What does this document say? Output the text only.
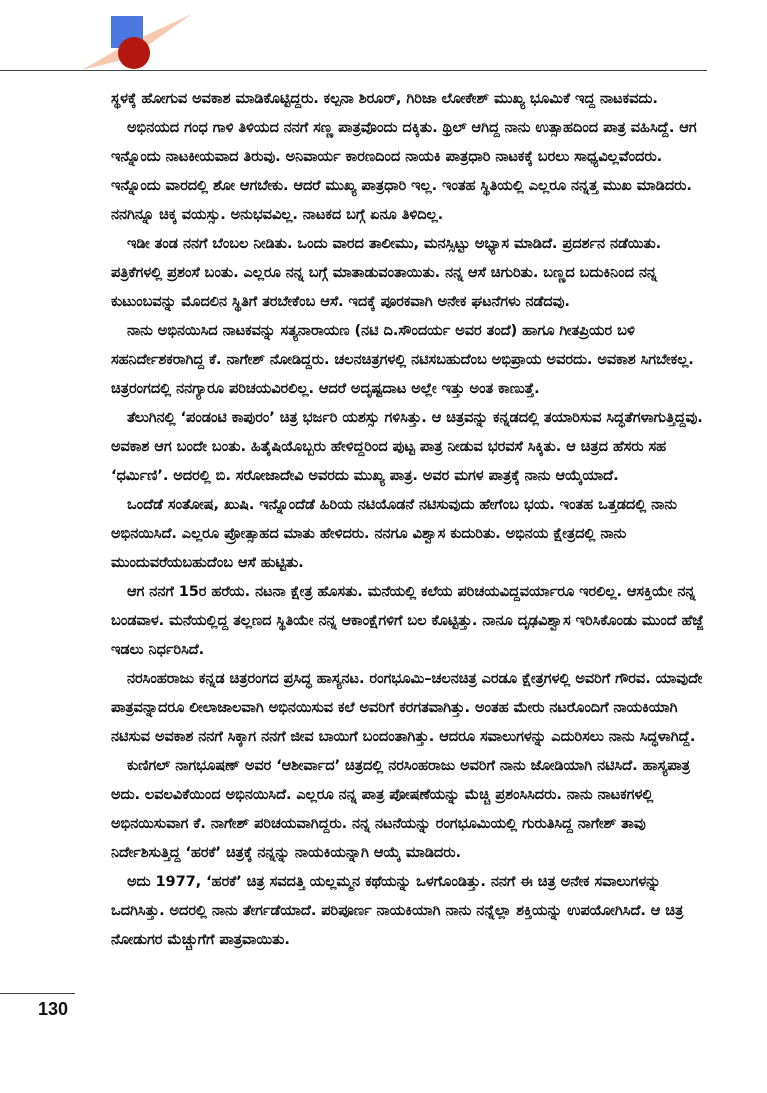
ಸ್ಥಳಕ್ಕೆ ಹೋಗುವ ಅವಕಾಶ ಮಾಡಿಕೊಟ್ಟಿದ್ದರು. ಕಲ್ಪನಾ ಶಿರೂರ್, ಗಿರಿಜಾ ಲೋಕೇಶ್ ಮುಖ್ಯ ಭೂಮಿಕೆ ಇದ್ದ ನಾಟಕವದು.

ಅಭಿನಯದ ಗಂಧ ಗಾಳಿ ತಿಳಿಯದ ನನಗೆ ಸಣ್ಣ ಪಾತ್ರವೊಂದು ದಕ್ಕಿತು. ಥ್ರಿಲ್ ಆಗಿದ್ದ ನಾನು ಉತ್ಸಾಹದಿಂದ ಪಾತ್ರ ವಹಿಸಿದ್ದೆ. ಆಗ ಇನ್ನೊಂದು ನಾಟಕೀಯವಾದ ತಿರುವು. ಅನಿವಾರ್ಯ ಕಾರಣದಿಂದ ನಾಯಕಿ ಪಾತ್ರಧಾರಿ ನಾಟಕಕ್ಕೆ ಬರಲು ಸಾಧ್ಯವಿಲ್ಲವೆಂದರು. ಇನ್ನೊಂದು ವಾರದಲ್ಲಿ ಶೋ ಆಗಬೇಕು. ಆದರೆ ಮುಖ್ಯ ಪಾತ್ರಧಾರಿ ಇಲ್ಲ. ಇಂತಹ ಸ್ಥಿತಿಯಲ್ಲಿ ಎಲ್ಲರೂ ನನ್ನತ್ತ ಮುಖ ಮಾಡಿದರು. ನನಗಿನ್ನೂ ಚಿಕ್ಕ ವಯಸ್ಸು. ಅನುಭವವಿಲ್ಲ. ನಾಟಕದ ಬಗ್ಗೆ ಏನೂ ತಿಳಿದಿಲ್ಲ.

ಇಡೀ ತಂಡ ನನಗೆ ಬೆಂಬಲ ನೀಡಿತು. ಒಂದು ವಾರದ ತಾಲೀಮು, ಮನಸ್ಸಿಟ್ಟು ಅಭ್ಯಾಸ ಮಾಡಿದೆ. ಪ್ರದರ್ಶನ ನಡೆಯಿತು. ಪತ್ರಿಕೆಗಳಲ್ಲಿ ಪ್ರಶಂಸೆ ಬಂತು. ಎಲ್ಲರೂ ನನ್ನ ಬಗ್ಗೆ ಮಾತಾಡುವಂತಾಯಿತು. ನನ್ನ ಆಸೆ ಚಿಗುರಿತು. ಬಣ್ಣದ ಬದುಕಿನಿಂದ ನನ್ನ ಕುಟುಂಬವನ್ನು ಮೊದಲಿನ ಸ್ಥಿತಿಗೆ ತರಬೇಕೆಂಬ ಆಸೆ. ಇದಕ್ಕೆ ಪೂರಕವಾಗಿ ಅನೇಕ ಘಟನೆಗಳು ನಡೆದವು.

ನಾನು ಅಭಿನಯಿಸಿದ ನಾಟಕವನ್ನು ಸತ್ಯನಾರಾಯಣ (ನಟಿ ದಿ.ಸೌಂದರ್ಯ ಅವರ ತಂದೆ) ಹಾಗೂ ಗೀತಪ್ರಿಯರ ಬಳಿ ಸಹನಿರ್ದೇಶಕರಾಗಿದ್ದ ಕೆ. ನಾಗೇಶ್ ನೋಡಿದ್ದರು. ಚಲನಚಿತ್ರಗಳಲ್ಲಿ ನಟಿಸಬಹುದೆಂಬ ಅಭಿಪ್ರಾಯ ಅವರದು. ಅವಕಾಶ ಸಿಗಬೇಕಲ್ಲ. ಚಿತ್ರರಂಗದಲ್ಲಿ ನನಗ್ಯಾರೂ ಪರಿಚಯವಿರಲಿಲ್ಲ. ಆದರೆ ಅದೃಷ್ಟದಾಟ ಅಲ್ಲೇ ಇತ್ತು ಅಂತ ಕಾಣುತ್ತೆ.

ತೆಲುಗಿನಲ್ಲಿ ‘ಪಂಡಂಟಿ ಕಾಪುರಂ’ ಚಿತ್ರ ಭರ್ಜರಿ ಯಶಸ್ಸು ಗಳಿಸಿತ್ತು. ಆ ಚಿತ್ರವನ್ನು ಕನ್ನಡದಲ್ಲಿ ತಯಾರಿಸುವ ಸಿದ್ಧತೆಗಳಾಗುತ್ತಿದ್ದವು. ಅವಕಾಶ ಆಗ ಬಂದೇ ಬಂತು. ಹಿತೈಷಿಯೊಬ್ಬರು ಹೇಳಿದ್ದರಿಂದ ಪುಟ್ಟ ಪಾತ್ರ ನೀಡುವ ಭರವಸೆ ಸಿಕ್ಕಿತು. ಆ ಚಿತ್ರದ ಹೆಸರು ಸಹ ‘ಧರ್ಮಿಣಿ’. ಅದರಲ್ಲಿ ಬಿ. ಸರೋಜಾದೇವಿ ಅವರದು ಮುಖ್ಯ ಪಾತ್ರ. ಅವರ ಮಗಳ ಪಾತ್ರಕ್ಕೆ ನಾನು ಆಯ್ಕೆಯಾದೆ.

ಒಂದೆಡೆ ಸಂತೋಷ, ಖುಷಿ. ಇನ್ನೊಂದೆಡೆ ಹಿರಿಯ ನಟಿಯೊಡನೆ ನಟಿಸುವುದು ಹೇಗೆಂಬ ಭಯ. ಇಂತಹ ಒತ್ತಡದಲ್ಲಿ ನಾನು ಅಭಿನಯಿಸಿದೆ. ಎಲ್ಲರೂ ಪ್ರೋತ್ಸಾಹದ ಮಾತು ಹೇಳಿದರು. ನನಗೂ ವಿಶ್ವಾಸ ಕುದುರಿತು. ಅಭಿನಯ ಕ್ಷೇತ್ರದಲ್ಲಿ ನಾನು ಮುಂದುವರೆಯಬಹುದೆಂಬ ಆಸೆ ಹುಟ್ಟಿತು.

ಆಗ ನನಗೆ 15ರ ಹರೆಯ. ನಟನಾ ಕ್ಷೇತ್ರ ಹೊಸತು. ಮನೆಯಲ್ಲಿ ಕಲೆಯ ಪರಿಚಯವಿದ್ದವರ್ಯಾರೂ ಇರಲಿಲ್ಲ. ಆಸಕ್ತಿಯೇ ನನ್ನ ಬಂಡವಾಳ. ಮನೆಯಲ್ಲಿದ್ದ ತಲ್ಲಣದ ಸ್ಥಿತಿಯೇ ನನ್ನ ಆಕಾಂಕ್ಷೆಗಳಿಗೆ ಬಲ ಕೊಟ್ಟಿತ್ತು. ನಾನೂ ದೃಢವಿಶ್ವಾಸ ಇರಿಸಿಕೊಂಡು ಮುಂದೆ ಹೆಜ್ಜೆ ಇಡಲು ನಿರ್ಧರಿಸಿದೆ.

ನರಸಿಂಹರಾಜು ಕನ್ನಡ ಚಿತ್ರರಂಗದ ಪ್ರಸಿದ್ಧ ಹಾಸ್ಯನಟ. ರಂಗಭೂಮಿ–ಚಲನಚಿತ್ರ ಎರಡೂ ಕ್ಷೇತ್ರಗಳಲ್ಲಿ ಅವರಿಗೆ ಗೌರವ. ಯಾವುದೇ ಪಾತ್ರವನ್ನಾದರೂ ಲೀಲಾಜಾಲವಾಗಿ ಅಭಿನಯಿಸುವ ಕಲೆ ಅವರಿಗೆ ಕರಗತವಾಗಿತ್ತು. ಅಂತಹ ಮೇರು ನಟರೊಂದಿಗೆ ನಾಯಕಿಯಾಗಿ ನಟಿಸುವ ಅವಕಾಶ ನನಗೆ ಸಿಕ್ಕಾಗ ನನಗೆ ಜೀವ ಬಾಯಿಗೆ ಬಂದಂತಾಗಿತ್ತು. ಆದರೂ ಸವಾಲುಗಳನ್ನು ಎದುರಿಸಲು ನಾನು ಸಿದ್ಧಳಾಗಿದ್ದೆ.

ಕುಣಿಗಲ್ ನಾಗಭೂಷಣ್ ಅವರ ‘ಆಶೀರ್ವಾದ’ ಚಿತ್ರದಲ್ಲಿ ನರಸಿಂಹರಾಜು ಅವರಿಗೆ ನಾನು ಜೋಡಿಯಾಗಿ ನಟಿಸಿದೆ. ಹಾಸ್ಯಪಾತ್ರ ಅದು. ಲವಲವಿಕೆಯಿಂದ ಅಭಿನಯಿಸಿದೆ. ಎಲ್ಲರೂ ನನ್ನ ಪಾತ್ರ ಪೋಷಣೆಯನ್ನು ಮೆಚ್ಚಿ ಪ್ರಶಂಸಿಸಿದರು. ನಾನು ನಾಟಕಗಳಲ್ಲಿ ಅಭಿನಯಿಸುವಾಗ ಕೆ. ನಾಗೇಶ್ ಪರಿಚಯವಾಗಿದ್ದರು. ನನ್ನ ನಟನೆಯನ್ನು ರಂಗಭೂಮಿಯಲ್ಲಿ ಗುರುತಿಸಿದ್ದ ನಾಗೇಶ್ ತಾವು ನಿರ್ದೇಶಿಸುತ್ತಿದ್ದ ‘ಹರಕೆ’ ಚಿತ್ರಕ್ಕೆ ನನ್ನನ್ನು ನಾಯಕಿಯನ್ನಾಗಿ ಆಯ್ಕೆ ಮಾಡಿದರು.

ಅದು 1977, ‘ಹರಕೆ’ ಚಿತ್ರ ಸವದತ್ತಿ ಯಲ್ಲಮ್ಮನ ಕಥೆಯನ್ನು ಒಳಗೊಂಡಿತ್ತು. ನನಗೆ ಈ ಚಿತ್ರ ಅನೇಕ ಸವಾಲುಗಳನ್ನು ಒದಗಿಸಿತ್ತು. ಅದರಲ್ಲಿ ನಾನು ತೇರ್ಗಡೆಯಾದೆ. ಪರಿಪೂರ್ಣ ನಾಯಕಿಯಾಗಿ ನಾನು ನನ್ನೆಲ್ಲಾ ಶಕ್ತಿಯನ್ನು ಉಪಯೋಗಿಸಿದೆ. ಆ ಚಿತ್ರ ನೋಡುಗರ ಮೆಚ್ಚುಗೆಗೆ ಪಾತ್ರವಾಯಿತು.

130
